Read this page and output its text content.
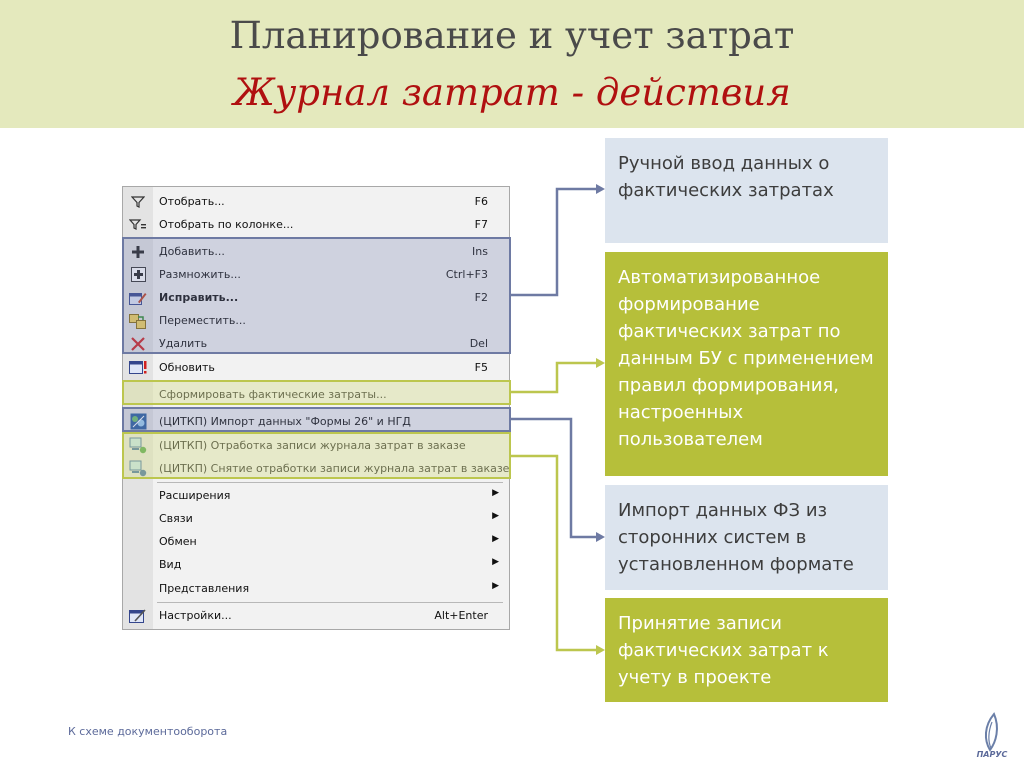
Планирование и учет затрат
Журнал затрат - действия
Отобрать...	F6
Отобрать по колонке...	F7
Добавить...	Ins
Размножить...	Ctrl+F3
Исправить...	F2
Переместить...
Удалить	Del
Обновить	F5
Сформировать фактические затраты...
(ЦИТКП) Импорт данных "Формы 26" и НГД
(ЦИТКП) Отработка записи журнала затрат в заказе
(ЦИТКП) Снятие отработки записи журнала затрат в заказе
Расширения	▶
Связи	▶
Обмен	▶
Вид	▶
Представления	▶
Настройки...	Alt+Enter
Ручной ввод данных о фактических затратах
Автоматизированное формирование фактических затрат по данным БУ с применением правил формирования, настроенных пользователем
Импорт данных ФЗ из сторонних систем в установленном формате
Принятие записи фактических затрат к учету в проекте
К схеме документооборота
ПАРУС
